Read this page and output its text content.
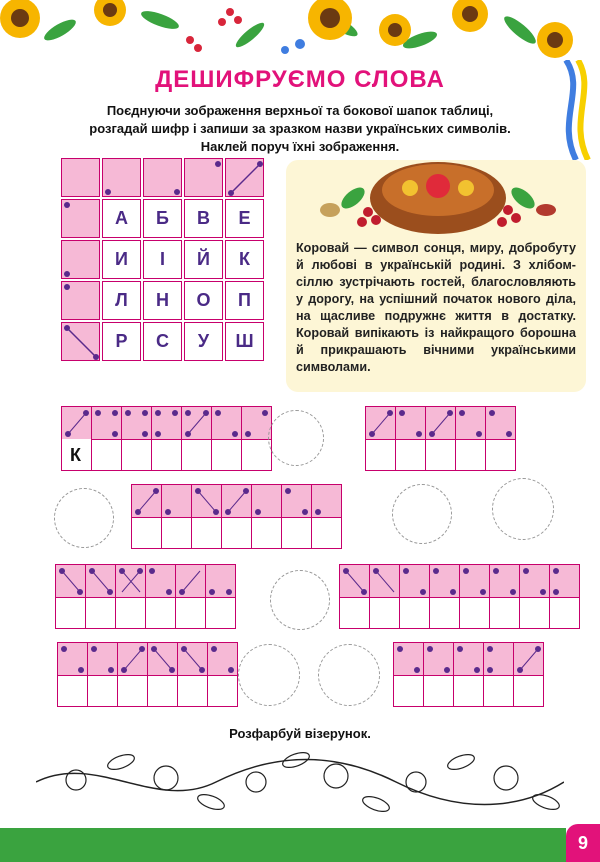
ДЕШИФРУЄМО СЛОВА
Поєднуючи зображення верхньої та бокової шапок таблиці,
розгадай шифр і запиши за зразком назви українських символів.
Наклей поруч їхні зображення.
А	Б	В	Е
И	І	Й	К
Л	Н	О	П
Р	С	У	Ш
Коровай — символ сонця, миру, добробуту й любові в українській родині. З хлібом-сіллю зустрічають гостей, благословляють у дорогу, на успішний початок нового діла, на щасливе подружнє життя в достатку. Коровай випікають із найкращого борошна й прикрашають вічними українськими символами.
К
Розфарбуй візерунок.
9
